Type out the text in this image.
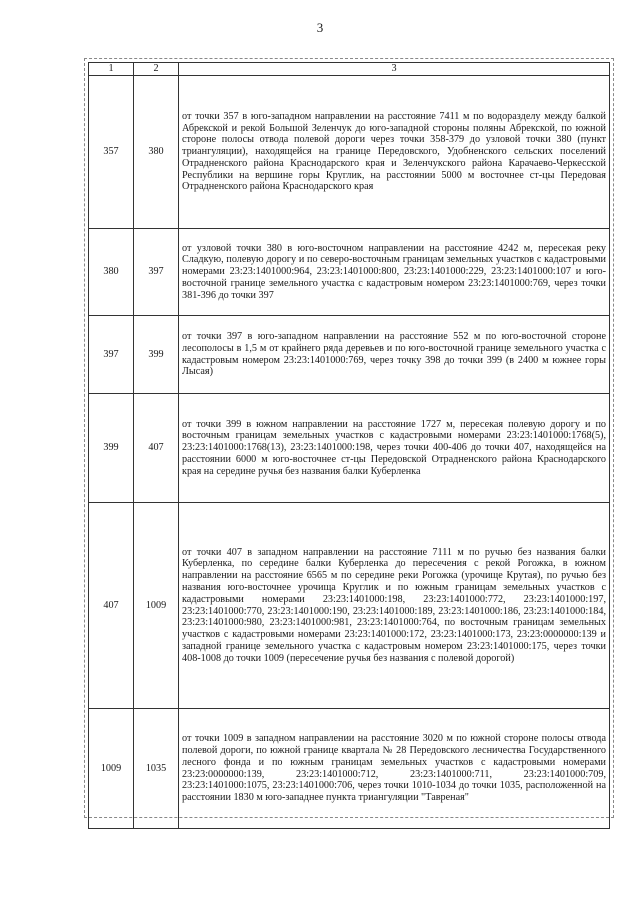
3
1	2	3
357	380	от точки 357 в юго-западном направлении на расстояние 7411 м по водоразделу между балкой Абрекской и рекой Большой Зеленчук до юго-западной стороны поляны Абрекской, по южной стороне полосы отвода полевой дороги через точки 358-379 до узловой точки 380 (пункт триангуляции), находящейся на границе Передовского, Удобненского сельских поселений Отрадненского района Краснодарского края и Зеленчукского района Карачаево-Черкесской Республики на вершине горы Круглик, на расстоянии 5000 м восточнее ст-цы Передовая Отрадненского района Краснодарского края
380	397	от узловой точки 380 в юго-восточном направлении на расстояние 4242 м, пересекая реку Сладкую, полевую дорогу и по северо-восточным границам земельных участков с кадастровыми номерами 23:23:1401000:964, 23:23:1401000:800, 23:23:1401000:229, 23:23:1401000:107 и юго-восточной границе земельного участка с кадастровым номером 23:23:1401000:769, через точки 381-396 до точки 397
397	399	от точки 397 в юго-западном направлении на расстояние 552 м по юго-восточной стороне лесополосы в 1,5 м от крайнего ряда деревьев и по юго-восточной границе земельного участка с кадастровым номером 23:23:1401000:769, через точку 398 до точки 399 (в 2400 м южнее горы Лысая)
399	407	от точки 399 в южном направлении на расстояние 1727 м, пересекая полевую дорогу и по восточным границам земельных участков с кадастровыми номерами 23:23:1401000:1768(5), 23:23:1401000:1768(13), 23:23:1401000:198, через точки 400-406 до точки 407, находящейся на расстоянии 6000 м юго-восточнее ст-цы Передовской Отрадненского района Краснодарского края на середине ручья без названия балки Куберленка
407	1009	от точки 407 в западном направлении на расстояние 7111 м по ручью без названия балки Куберленка, по середине балки Куберленка до пересечения с рекой Рогожка, в южном направлении на расстояние 6565 м по середине реки Рогожка (урочище Крутая), по ручью без названия юго-восточнее урочища Круглик и по южным границам земельных участков с кадастровыми номерами 23:23:1401000:198, 23:23:1401000:772, 23:23:1401000:197, 23:23:1401000:770, 23:23:1401000:190, 23:23:1401000:189, 23:23:1401000:186, 23:23:1401000:184, 23:23:1401000:980, 23:23:1401000:981, 23:23:1401000:764, по восточным границам земельных участков с кадастровыми номерами 23:23:1401000:172, 23:23:1401000:173, 23:23:0000000:139 и западной границе земельного участка с кадастровым номером 23:23:1401000:175, через точки 408-1008 до точки 1009 (пересечение ручья без названия с полевой дорогой)
1009	1035	от точки 1009 в западном направлении на расстояние 3020 м по южной стороне полосы отвода полевой дороги, по южной границе квартала № 28 Передовского лесничества Государственного лесного фонда и по южным границам земельных участков с кадастровыми номерами 23:23:0000000:139, 23:23:1401000:712, 23:23:1401000:711, 23:23:1401000:709, 23:23:1401000:1075, 23:23:1401000:706, через точки 1010-1034 до точки 1035, расположенной на расстоянии 1830 м юго-западнее пункта триангуляции "Тавреная"
